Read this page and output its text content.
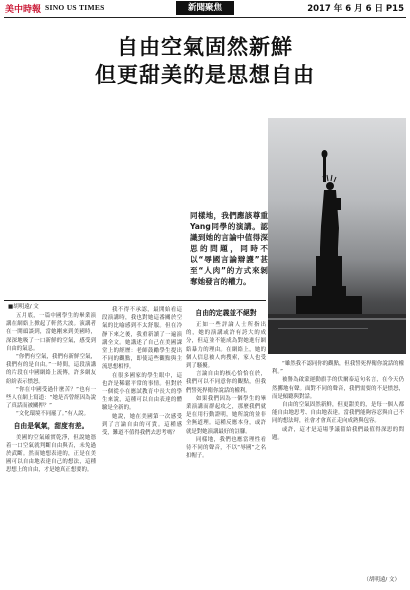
美中時報 SINO US TIMES	新聞聚焦	2017 年 6 月 6 日 P15
自由空氣固然新鮮
但更甜美的是思想自由
同樣地，我們應該尊重Yang同學的演講。認識到她的言論中值得深思的問題，同時不以“辱國言論辯護”甚至“人肉”的方式來剝奪她發言的權力。
■胡明遠/ 文

五月底，一篇中國學生的畢業演講在網絡上掀起了軒然大波。演講者在一開頭談到，當她剛來到美國時，深深地吸了一口新鮮的空氣，感受到自由的氣息。

“你們有空氣，我們有新鮮空氣，我們有的是自由。”一時間，這段演講的片段在中國網絡上流傳，許多網友紛紛表示憤怒。

“你在中國受過什麼苦？”也有一些人在網上寫道：“她是否曾經因為說了真話而被關押？”

“文化環境不同罷了。”有人說。

自由是氧氣，甜度有差。

美國的空氣確實乾淨，但說她憑着一口空氣就判斷自由與否，未免過於武斷。然而她想表達的，正是在美國可以自由地表達自己的想法，這種思想上的自由，才是她真正想要的。

我不得不承認，最開始看這段演講時，我也對她這番關於空氣的比喻感到不太舒服。但在冷靜下來之後，我重新讀了一遍演講全文。她講述了自己在美國課堂上的經歷：老師鼓勵學生提出不同的觀點，即使這些觀點與主流思想相悖。

在很多國家的學生眼中，這也許是稀鬆平常的事情。但對於一個從小在應試教育中長大的學生來說，這種可以自由表達的體驗是全新的。

她說，她在美國第一次感受到了言論自由的可貴。這種感受，難道不值得我們去思考嗎？

自由的定義並不絕對

正如一些評論人士所指出的，她的演講或許有誇大的成分，但這並不能成為對她進行網絡暴力的理由。在網絡上，她的個人信息被人肉搜索，家人也受到了騷擾。

言論自由的核心恰恰在於，我們可以不同意你的觀點，但我們誓死捍衛你說話的權利。

如果我們因為一個學生的畢業演講而群起攻之，那麼我們就是在用行動證明，她所說的並非全無道理。這種反應本身，或許就是對她演講最好的註腳。

同樣地，我們也應當理性看待不同的聲音，不以“辱國”之名扣帽子。

“雖然我不認同你的觀點，但我誓死捍衛你說話的權利。”

被譽為啟蒙運動旗手的伏爾泰這句名言，在今天仍然擲地有聲。面對不同的聲音，我們需要的不是憤怒，而是傾聽與對話。

自由的空氣固然新鮮，但更甜美的，是每一個人都能自由地思考、自由地表達。當我們能夠容忍與自己不同的想法時，社會才會真正走向成熟與包容。

或許，這才是這場爭議留給我們最值得深思的問題。

（胡明遠/ 文）
